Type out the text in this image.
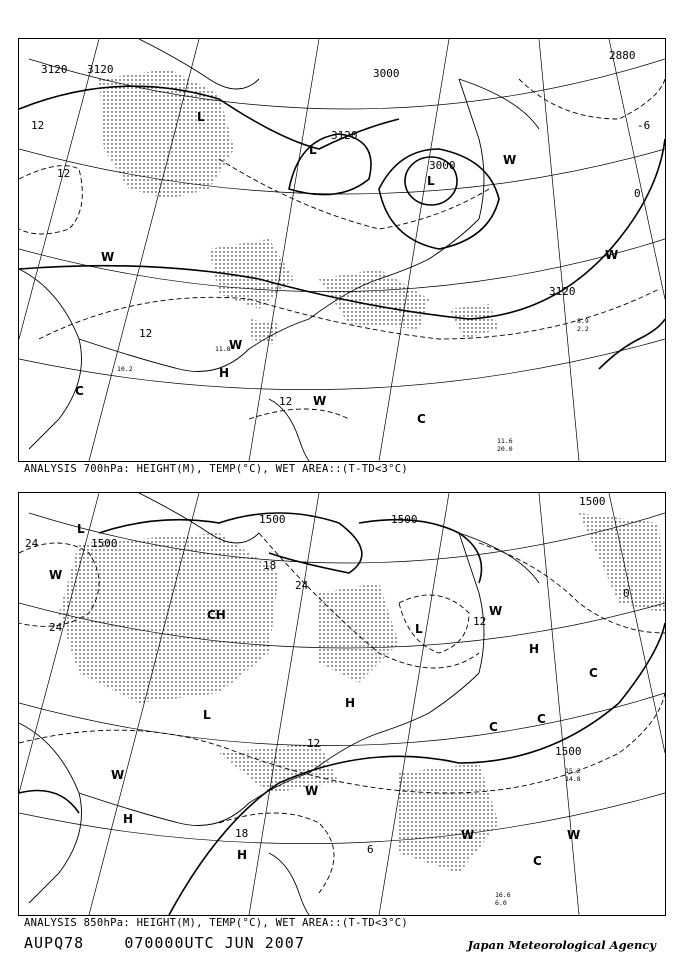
3120 3120	3000
3120
3000
2880
3120
12
12
12
-6
0
12
L
L
L
W
W
W
W
W
H
C
C
11.6
20.0
8.9
2.2
10.2
11.8
ANALYSIS 700hPa: HEIGHT(M), TEMP(°C), WET AREA::(T-TD<3°C)
1500
1500	1500
1500
1500
24
24
24
18
12
12
18
0
6
L
L
L
CH
H
H
H
H
W
W
W
W
W	W
C
C
C
C
16.6
6.0
15.2
14.8
ANALYSIS 850hPa: HEIGHT(M), TEMP(°C), WET AREA::(T-TD<3°C)
AUPQ78	070000UTC JUN 2007	Japan Meteorological Agency
